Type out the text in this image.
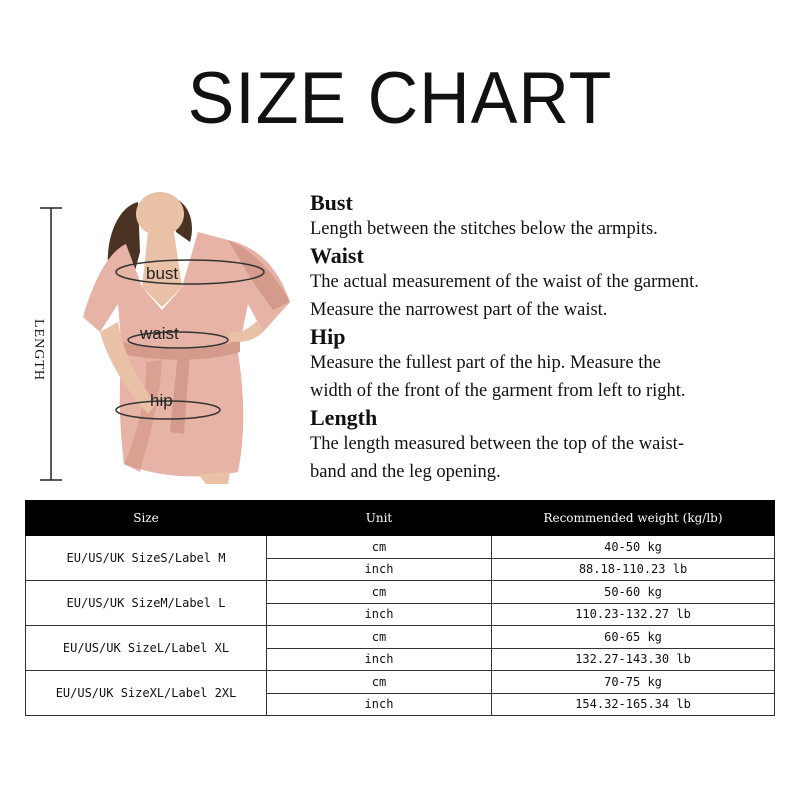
SIZE CHART
LENGTH
bust
waist
hip
Bust

Length between the stitches below the armpits.

Waist

The actual measurement of the waist of the garment.

Measure the narrowest part of the waist.

Hip

Measure the fullest part of the hip. Measure the

width of the front of the garment from left to right.

Length

The length measured between the top of the waist-

band and the leg opening.

Size	Unit	Recommended weight (kg/lb)
EU/US/UK SizeS/Label M	cm	40-50 kg
	inch	88.18-110.23 lb
EU/US/UK SizeM/Label L	cm	50-60 kg
	inch	110.23-132.27 lb
EU/US/UK SizeL/Label XL	cm	60-65 kg
	inch	132.27-143.30 lb
EU/US/UK SizeXL/Label 2XL	cm	70-75 kg
	inch	154.32-165.34 lb
